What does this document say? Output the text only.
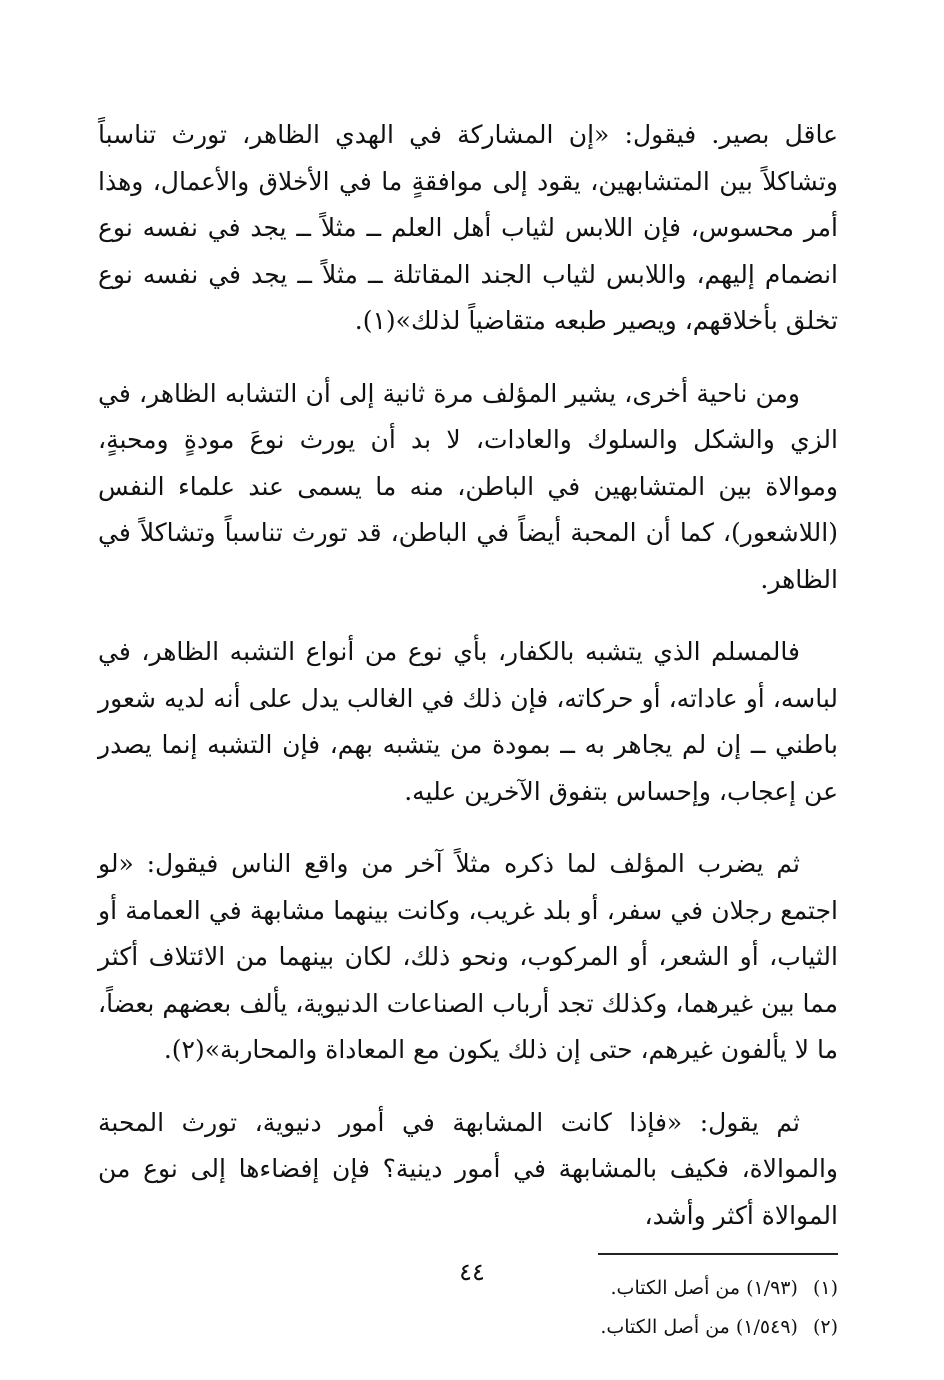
عاقل بصير. فيقول: «إن المشاركة في الهدي الظاهر، تورث تناسباً وتشاكلاً بين المتشابهين، يقود إلى موافقةٍ ما في الأخلاق والأعمال، وهذا أمر محسوس، فإن اللابس لثياب أهل العلم ــ مثلاً ــ يجد في نفسه نوع انضمام إليهم، واللابس لثياب الجند المقاتلة ــ مثلاً ــ يجد في نفسه نوع تخلق بأخلاقهم، ويصير طبعه متقاضياً لذلك»(١).

ومن ناحية أخرى، يشير المؤلف مرة ثانية إلى أن التشابه الظاهر، في الزي والشكل والسلوك والعادات، لا بد أن يورث نوعَ مودةٍ ومحبةٍ، وموالاة بين المتشابهين في الباطن، منه ما يسمى عند علماء النفس (اللاشعور)، كما أن المحبة أيضاً في الباطن، قد تورث تناسباً وتشاكلاً في الظاهر.

فالمسلم الذي يتشبه بالكفار، بأي نوع من أنواع التشبه الظاهر، في لباسه، أو عاداته، أو حركاته، فإن ذلك في الغالب يدل على أنه لديه شعور باطني ــ إن لم يجاهر به ــ بمودة من يتشبه بهم، فإن التشبه إنما يصدر عن إعجاب، وإحساس بتفوق الآخرين عليه.

ثم يضرب المؤلف لما ذكره مثلاً آخر من واقع الناس فيقول: «لو اجتمع رجلان في سفر، أو بلد غريب، وكانت بينهما مشابهة في العمامة أو الثياب، أو الشعر، أو المركوب، ونحو ذلك، لكان بينهما من الائتلاف أكثر مما بين غيرهما، وكذلك تجد أرباب الصناعات الدنيوية، يألف بعضهم بعضاً، ما لا يألفون غيرهم، حتى إن ذلك يكون مع المعاداة والمحاربة»(٢).

ثم يقول: «فإذا كانت المشابهة في أمور دنيوية، تورث المحبة والموالاة، فكيف بالمشابهة في أمور دينية؟ فإن إفضاءها إلى نوع من الموالاة أكثر وأشد،

(١) (١/٩٣) من أصل الكتاب.

(٢) (١/٥٤٩) من أصل الكتاب.

٤٤
